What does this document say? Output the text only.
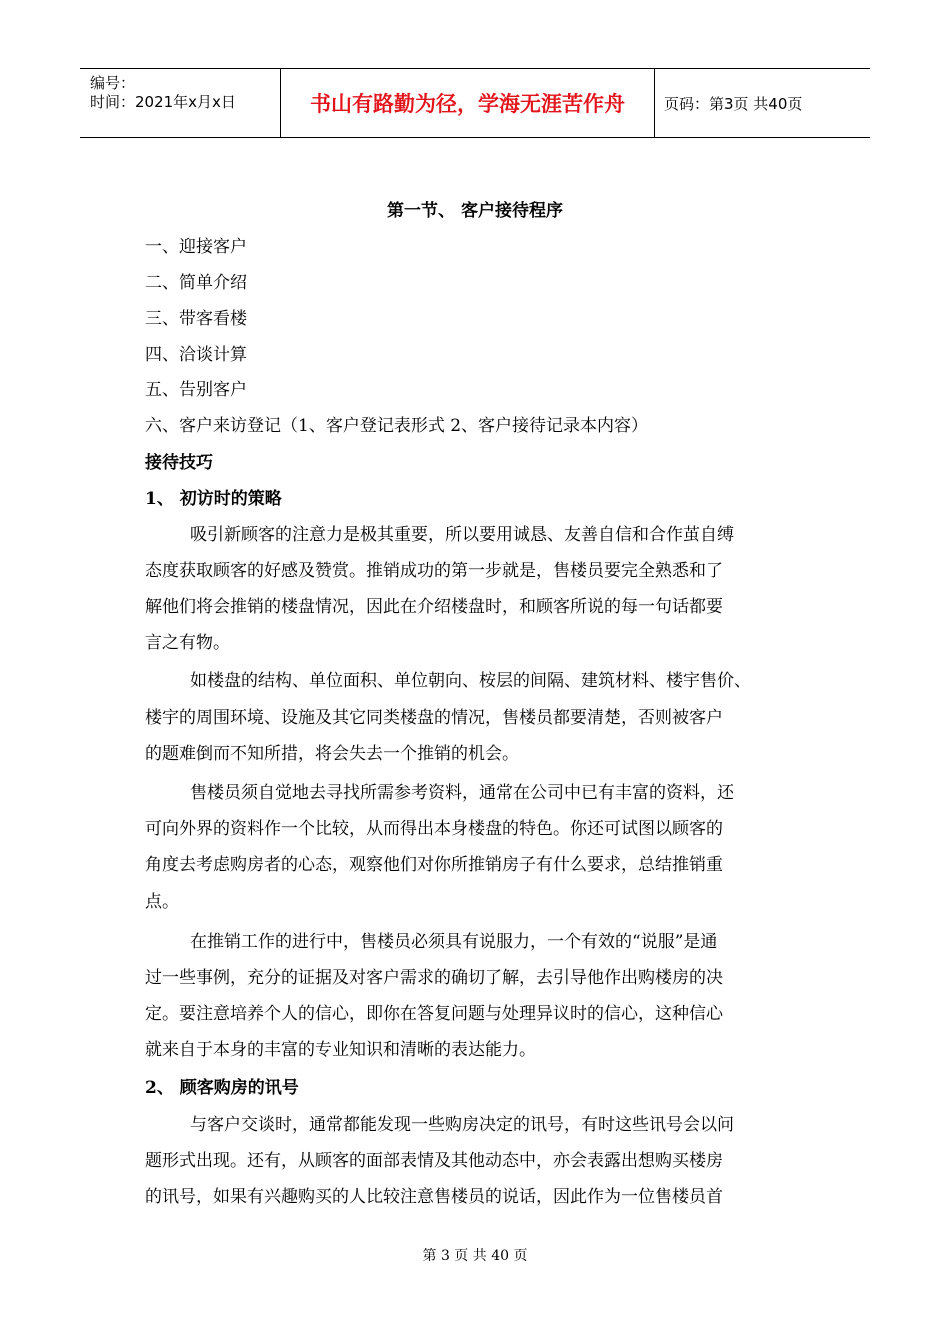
编号：
时间：2021年x月x日	书山有路勤为径，学海无涯苦作舟	页码：第3页 共40页
第一节、 客户接待程序
一、迎接客户
二、简单介绍
三、带客看楼
四、洽谈计算
五、告别客户
六、客户来访登记（1、客户登记表形式 2、客户接待记录本内容）
接待技巧
1、 初访时的策略
吸引新顾客的注意力是极其重要，所以要用诚恳、友善自信和合作茧自缚
态度获取顾客的好感及赞赏。推销成功的第一步就是，售楼员要完全熟悉和了
解他们将会推销的楼盘情况，因此在介绍楼盘时，和顾客所说的每一句话都要
言之有物。
如楼盘的结构、单位面积、单位朝向、桉层的间隔、建筑材料、楼宇售价、
楼宇的周围环境、设施及其它同类楼盘的情况，售楼员都要清楚，否则被客户
的题难倒而不知所措，将会失去一个推销的机会。
售楼员须自觉地去寻找所需参考资料，通常在公司中已有丰富的资料，还
可向外界的资料作一个比较，从而得出本身楼盘的特色。你还可试图以顾客的
角度去考虑购房者的心态，观察他们对你所推销房子有什么要求，总结推销重
点。
在推销工作的进行中，售楼员必须具有说服力，一个有效的“说服”是通
过一些事例，充分的证据及对客户需求的确切了解，去引导他作出购楼房的决
定。要注意培养个人的信心，即你在答复问题与处理异议时的信心，这种信心
就来自于本身的丰富的专业知识和清晰的表达能力。
2、 顾客购房的讯号
与客户交谈时，通常都能发现一些购房决定的讯号，有时这些讯号会以问
题形式出现。还有，从顾客的面部表情及其他动态中，亦会表露出想购买楼房
的讯号，如果有兴趣购买的人比较注意售楼员的说话，因此作为一位售楼员首
第 3 页 共 40 页
